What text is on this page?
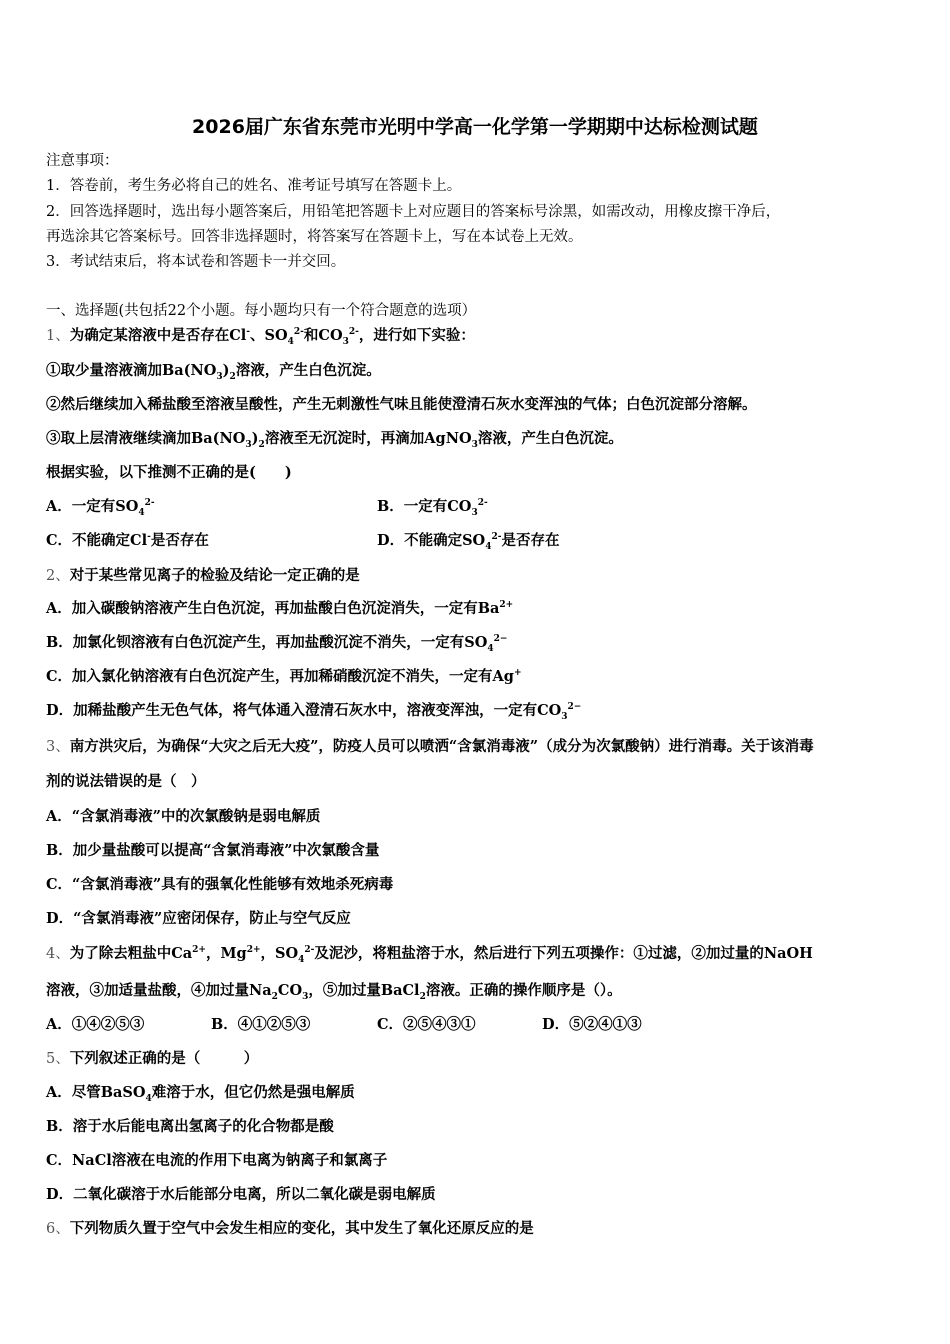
2026届广东省东莞市光明中学高一化学第一学期期中达标检测试题
注意事项：
1．答卷前，考生务必将自己的姓名、准考证号填写在答题卡上。
2．回答选择题时，选出每小题答案后，用铅笔把答题卡上对应题目的答案标号涂黑，如需改动，用橡皮擦干净后，
再选涂其它答案标号。回答非选择题时，将答案写在答题卡上，写在本试卷上无效。
3．考试结束后，将本试卷和答题卡一并交回。
一、选择题(共包括22个小题。每小题均只有一个符合题意的选项）
1、为确定某溶液中是否存在Cl-、$SO_4^{2-}$和$CO_3^{2-}$，进行如下实验：
①取少量溶液滴加$Ba(NO_3)_2$溶液，产生白色沉淀。
②然后继续加入稀盐酸至溶液呈酸性，产生无刺激性气味且能使澄清石灰水变浑浊的气体；白色沉淀部分溶解。
③取上层清液继续滴加$Ba(NO_3)_2$溶液至无沉淀时，再滴加AgNO$_3$溶液，产生白色沉淀。
根据实验，以下推测不正确的是(　　)
A．一定有$SO_4^{2-}$	B．一定有$CO_3^{2-}$
C．不能确定Cl-是否存在	D．不能确定$SO_4^{2-}$是否存在
2、对于某些常见离子的检验及结论一定正确的是
A．加入碳酸钠溶液产生白色沉淀，再加盐酸白色沉淀消失，一定有$Ba^{2+}$
B．加氯化钡溶液有白色沉淀产生，再加盐酸沉淀不消失，一定有$SO_4^{2-}$
C．加入氯化钠溶液有白色沉淀产生，再加稀硝酸沉淀不消失，一定有Ag+
D．加稀盐酸产生无色气体，将气体通入澄清石灰水中，溶液变浑浊，一定有$CO_3^{2-}$
3、南方洪灾后，为确保“大灾之后无大疫”，防疫人员可以喷洒“含氯消毒液”（成分为次氯酸钠）进行消毒。关于该消毒
剂的说法错误的是（　）
A．“含氯消毒液”中的次氯酸钠是弱电解质
B．加少量盐酸可以提高“含氯消毒液”中次氯酸含量
C．“含氯消毒液”具有的强氧化性能够有效地杀死病毒
D．“含氯消毒液”应密闭保存，防止与空气反应
4、为了除去粗盐中$Ca^{2+}$，$Mg^{2+}$，$SO_4^{2-}$及泥沙，将粗盐溶于水，然后进行下列五项操作：①过滤，②加过量的NaOH
溶液，③加适量盐酸，④加过量$Na_2CO_3$，⑤加过量BaCl$_2$溶液。正确的操作顺序是（）。
A．①④②⑤③	B．④①②⑤③	C．②⑤④③①	D．⑤②④①③
5、下列叙述正确的是（　　　）
A．尽管BaSO$_4$难溶于水，但它仍然是强电解质
B．溶于水后能电离出氢离子的化合物都是酸
C．NaCl溶液在电流的作用下电离为钠离子和氯离子
D．二氧化碳溶于水后能部分电离，所以二氧化碳是弱电解质
6、下列物质久置于空气中会发生相应的变化，其中发生了氧化还原反应的是
